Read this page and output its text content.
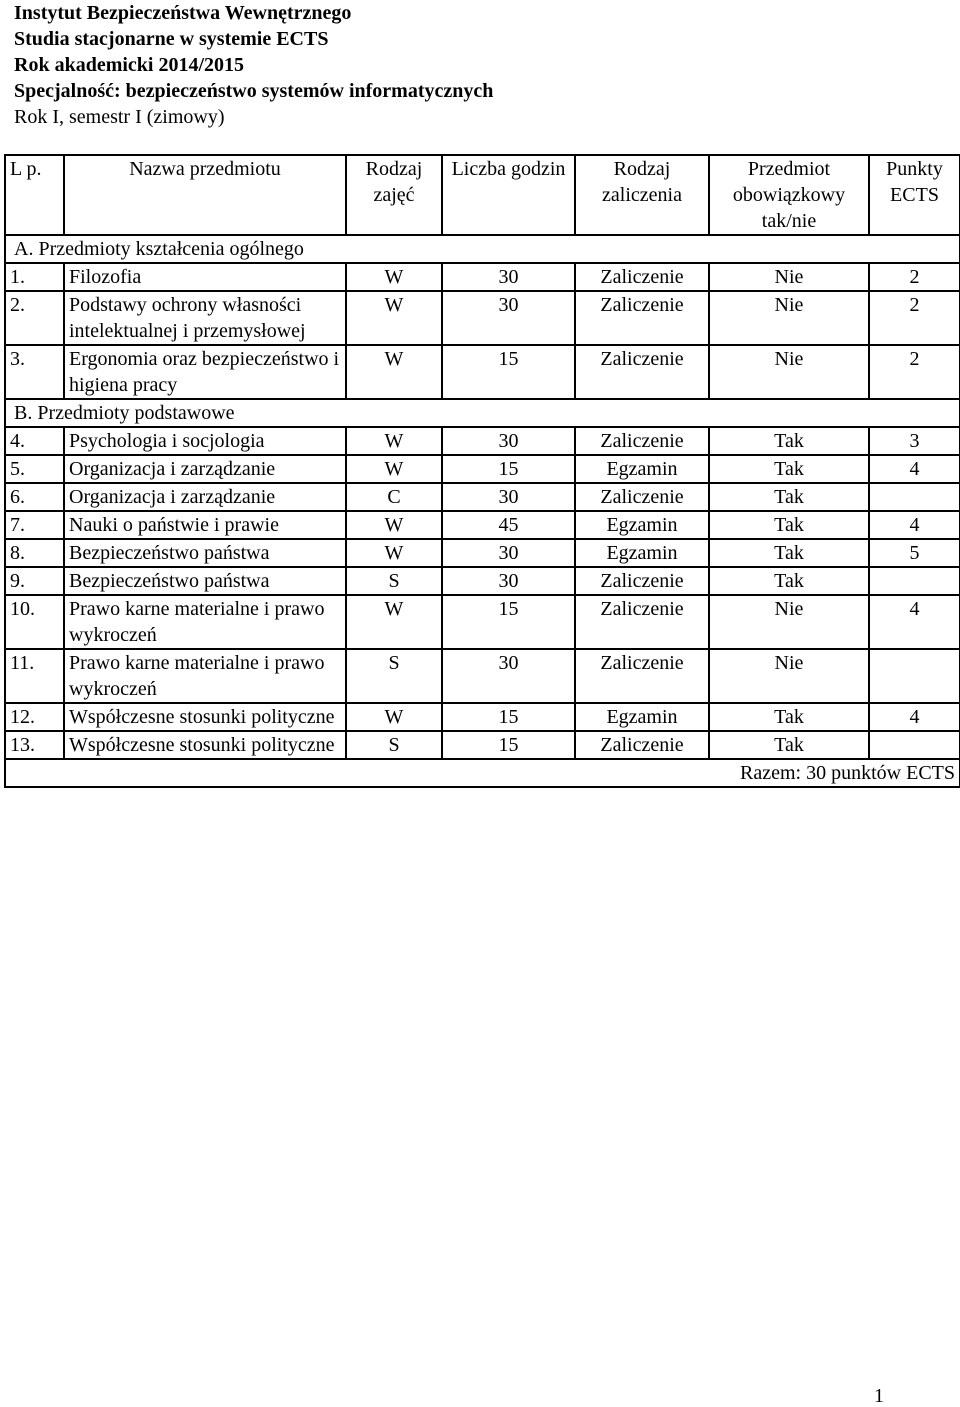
Instytut Bezpieczeństwa Wewnętrznego
Studia stacjonarne w systemie ECTS
Rok akademicki 2014/2015
Specjalność: bezpieczeństwo systemów informatycznych
Rok I, semestr I (zimowy)
L p.	Nazwa przedmiotu	Rodzaj zajęć	Liczba godzin	Rodzaj zaliczenia	Przedmiot obowiązkowy tak/nie	Punkty ECTS
A. Przedmioty kształcenia ogólnego						
1.	Filozofia	W	30	Zaliczenie	Nie	2
2.	Podstawy ochrony własności intelektualnej i przemysłowej	W	30	Zaliczenie	Nie	2
3.	Ergonomia oraz bezpieczeństwo i higiena pracy	W	15	Zaliczenie	Nie	2
B. Przedmioty podstawowe						
4.	Psychologia i socjologia	W	30	Zaliczenie	Tak	3
5.	Organizacja i zarządzanie	W	15	Egzamin	Tak	4
6.	Organizacja i zarządzanie	C	30	Zaliczenie	Tak	
7.	Nauki o państwie i prawie	W	45	Egzamin	Tak	4
8.	Bezpieczeństwo państwa	W	30	Egzamin	Tak	5
9.	Bezpieczeństwo państwa	S	30	Zaliczenie	Tak	
10.	Prawo karne materialne i prawo wykroczeń	W	15	Zaliczenie	Nie	4
11.	Prawo karne materialne i prawo wykroczeń	S	30	Zaliczenie	Nie	
12.	Współczesne stosunki polityczne	W	15	Egzamin	Tak	4
13.	Współczesne stosunki polityczne	S	15	Zaliczenie	Tak	
Razem: 30 punktów ECTS						
1
